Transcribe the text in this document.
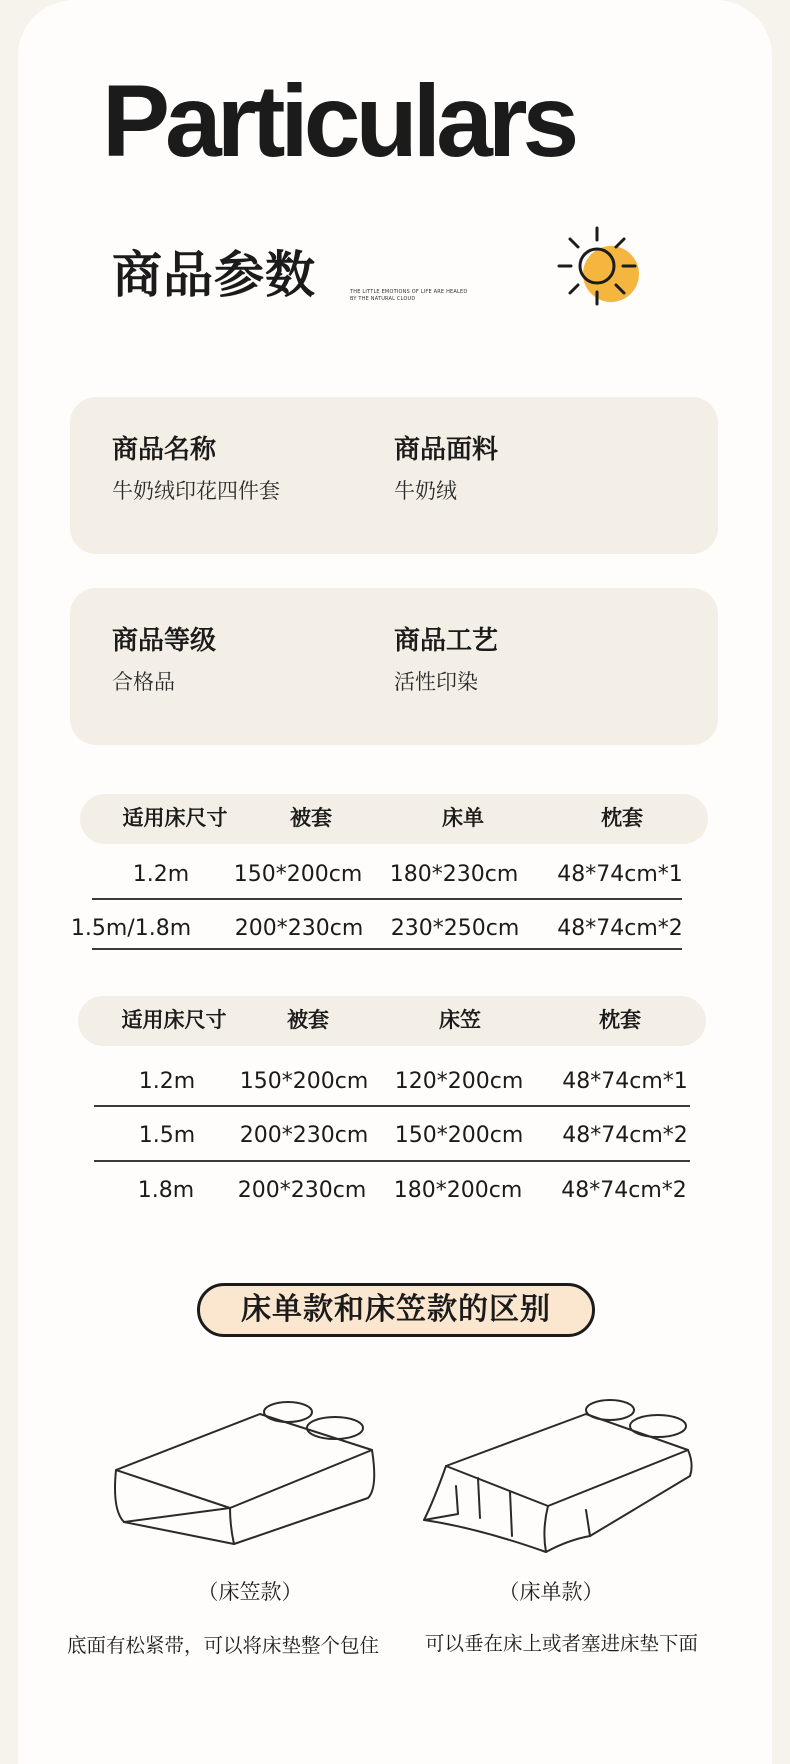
Particulars
商品参数	THE LITTLE EMOTIONS OF LIFE ARE HEALED
BY THE NATURAL CLOUD
商品名称
牛奶绒印花四件套
商品面料
牛奶绒
商品等级
合格品
商品工艺
活性印染
适用床尺寸	被套	床单	枕套
1.2m 150*200cm 180*230cm 48*74cm*1
1.5m/1.8m 200*230cm 230*250cm 48*74cm*2
适用床尺寸	被套	床笠	枕套
1.2m 150*200cm 120*200cm 48*74cm*1
1.5m 200*230cm 150*200cm 48*74cm*2
1.8m 200*230cm 180*200cm 48*74cm*2
床单款和床笠款的区别
（床笠款）	（床单款）
底面有松紧带，可以将床垫整个包住 可以垂在床上或者塞进床垫下面
